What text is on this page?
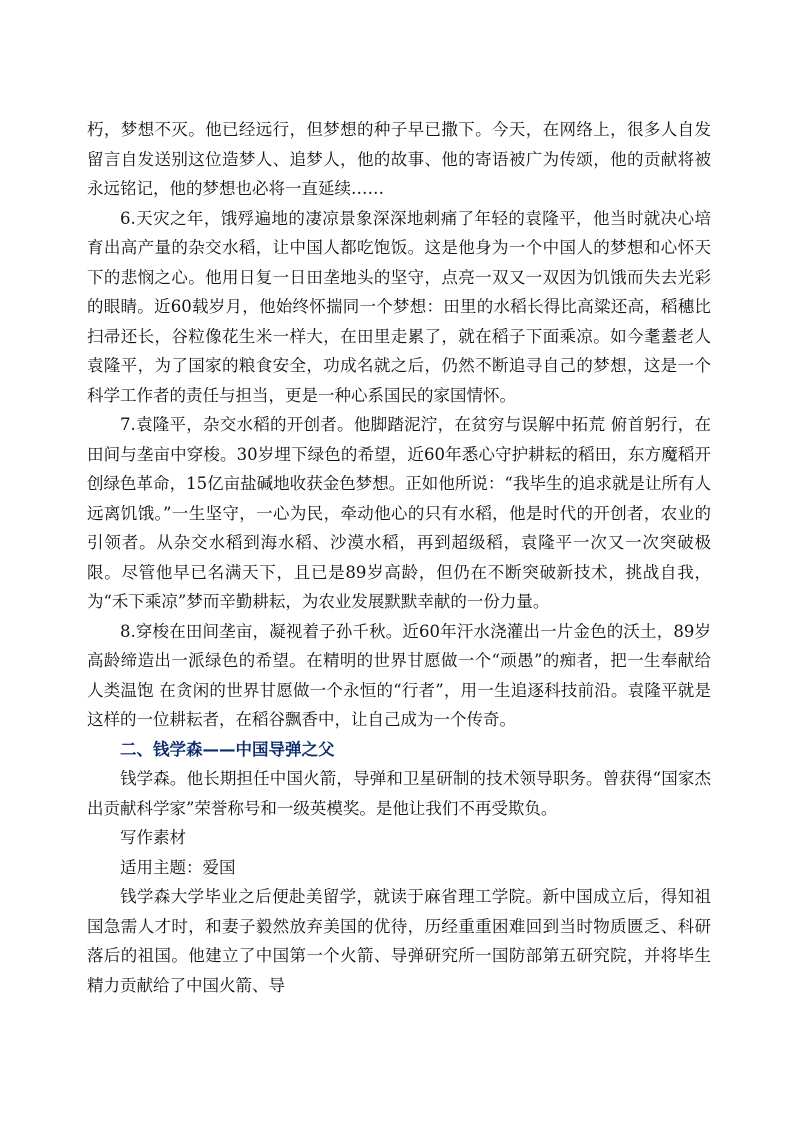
朽，梦想不灭。他已经远行，但梦想的种子早已撒下。今天，在网络上，很多人自发留言自发送别这位造梦人、追梦人，他的故事、他的寄语被广为传颂，他的贡献将被永远铭记，他的梦想也必将一直延续……

6.天灾之年，饿殍遍地的凄凉景象深深地刺痛了年轻的袁隆平，他当时就决心培育出高产量的杂交水稻，让中国人都吃饱饭。这是他身为一个中国人的梦想和心怀天下的悲悯之心。他用日复一日田垄地头的坚守，点亮一双又一双因为饥饿而失去光彩的眼睛。近60载岁月，他始终怀揣同一个梦想：田里的水稻长得比高粱还高，稻穗比扫帚还长，谷粒像花生米一样大，在田里走累了，就在稻子下面乘凉。如今耄耋老人袁隆平，为了国家的粮食安全，功成名就之后，仍然不断追寻自己的梦想，这是一个科学工作者的责任与担当，更是一种心系国民的家国情怀。

7.袁隆平，杂交水稻的开创者。他脚踏泥泞，在贫穷与误解中拓荒 俯首躬行，在田间与垄亩中穿梭。30岁埋下绿色的希望，近60年悉心守护耕耘的稻田，东方魔稻开创绿色革命，15亿亩盐碱地收获金色梦想。正如他所说：“我毕生的追求就是让所有人远离饥饿。”一生坚守，一心为民，牵动他心的只有水稻，他是时代的开创者，农业的引领者。从杂交水稻到海水稻、沙漠水稻，再到超级稻，袁隆平一次又一次突破极限。尽管他早已名满天下，且已是89岁高龄，但仍在不断突破新技术，挑战自我，为“禾下乘凉”梦而辛勤耕耘，为农业发展默默幸献的一份力量。

8.穿梭在田间垄亩，凝视着子孙千秋。近60年汗水浇灌出一片金色的沃土，89岁高龄缔造出一派绿色的希望。在精明的世界甘愿做一个“顽愚”的痴者，把一生奉献给人类温饱 在贪闲的世界甘愿做一个永恒的“行者”，用一生追逐科技前沿。袁隆平就是这样的一位耕耘者，在稻谷飘香中，让自己成为一个传奇。

二、钱学森——中国导弹之父

钱学森。他长期担任中国火箭，导弹和卫星研制的技术领导职务。曾获得“国家杰出贡献科学家”荣誉称号和一级英模奖。是他让我们不再受欺负。

写作素材

适用主题：爱国

钱学森大学毕业之后便赴美留学，就读于麻省理工学院。新中国成立后，得知祖国急需人才时，和妻子毅然放弃美国的优待，历经重重困难回到当时物质匮乏、科研落后的祖国。他建立了中国第一个火箭、导弹研究所一国防部第五研究院，并将毕生精力贡献给了中国火箭、导
